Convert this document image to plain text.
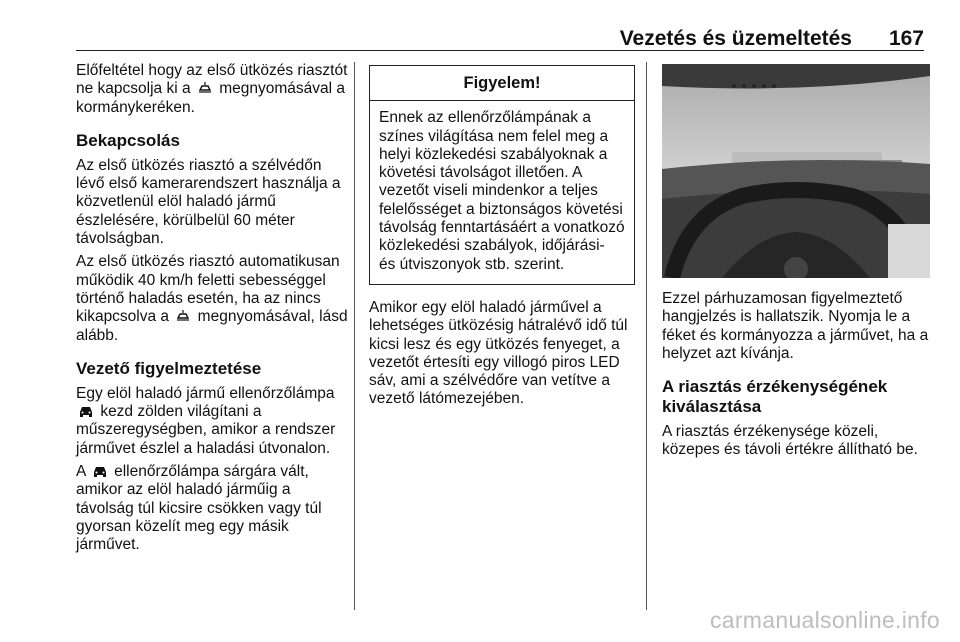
Vezetés és üzemeltetés 167

Előfeltétel hogy az első ütközés riasztót ne kapcsolja ki a megnyomásával a kormánykeréken.

Bekapcsolás

Az első ütközés riasztó a szélvédőn lévő első kamerarendszert használja a közvetlenül elöl haladó jármű észlelésére, körülbelül 60 méter távolságban.

Az első ütközés riasztó automatikusan működik 40 km/h feletti sebességgel történő haladás esetén, ha az nincs kikapcsolva a megnyomásával, lásd alább.

Vezető figyelmeztetése

Egy elöl haladó jármű ellenőrzőlámpa
kezd zölden világítani a műszeregységben, amikor a rendszer járművet észlel a haladási útvonalon.

A ellenőrzőlámpa sárgára vált, amikor az elöl haladó járműig a távolság túl kicsire csökken vagy túl gyorsan közelít meg egy másik járművet.

Figyelem!
Ennek az ellenőrzőlámpának a színes világítása nem felel meg a helyi közlekedési szabályoknak a követési távolságot illetően. A vezetőt viseli mindenkor a teljes felelősséget a biztonságos követési távolság fenntartásáért a vonatkozó közlekedési szabályok, időjárási- és útviszonyok stb. szerint.

Amikor egy elöl haladó járművel a lehetséges ütközésig hátralévő idő túl kicsi lesz és egy ütközés fenyeget, a vezetőt értesíti egy villogó piros LED sáv, ami a szélvédőre van vetítve a vezető látómezejében.

Ezzel párhuzamosan figyelmeztető hangjelzés is hallatszik. Nyomja le a féket és kormányozza a járművet, ha a helyzet azt kívánja.

A riasztás érzékenységének kiválasztása

A riasztás érzékenysége közeli, közepes és távoli értékre állítható be.

carmanualsonline.info
